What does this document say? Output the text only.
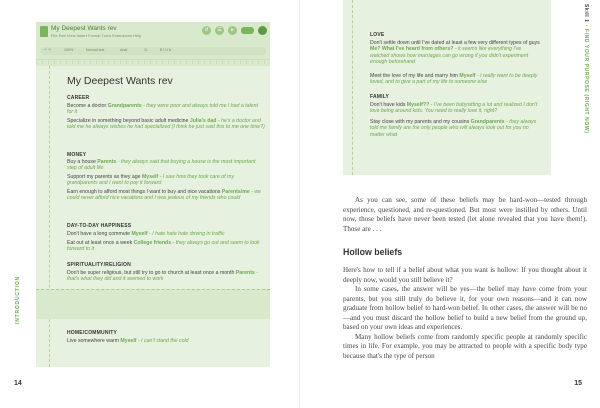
My Deepest Wants rev
File Edit View Insert Format Tools Extensions Help
↺	☰	▸
↶ ↷	100%	Normal text	Arial	11	B I U A
My Deepest Wants rev
CAREER
Become a doctor Grandparents - they were poor and always told me I had a talent for it
Specialize in something beyond basic adult medicine Julia's dad - he's a doctor and told me he always wishes he had specialized (I think he just said this to me one time?)
MONEY
Buy a house Parents - they always said that buying a house is the most important step of adult life
Support my parents as they age Myself - I saw how they took care of my grandparents and I want to pay it forward
Earn enough to afford most things I want to buy and nice vacations Parents/me - we could never afford nice vacations and I was jealous of my friends who could
DAY-TO-DAY HAPPINESS
Don't have a long commute Myself - I hate hate hate driving in traffic
Eat out at least once a week College friends - they always go out and seem to look forward to it
SPIRITUALITY/RELIGION
Don't be super religious, but still try to go to church at least once a month Parents - that's what they did and it seemed to work
HOME/COMMUNITY
Live somewhere warm Myself - I can't stand the cold
INTRODUCTION
14
LOVE
Don't settle down until I've dated at least a few very different types of guys Me? What I've heard from others? - it seems like everything I've watched shows how marriages can go wrong if you didn't experiment enough beforehand
Meet the love of my life and marry him Myself - I really want to be deeply loved, and to give a part of my life to someone else
FAMILY
Don't have kids Myself?? - I've been babysitting a lot and realized I don't love being around kids. You need to really love it, right?
Stay close with my parents and my cousins Grandparents - they always told me family are the only people who will always look out for you no matter what

As you can see, some of these beliefs may be hard-won—tested through experience, questioned, and re-questioned. But most were instilled by others. Until now, those beliefs have never been tested (let alone revealed that you have them!). Those are . . .

Hollow beliefs

Here's how to tell if a belief about what you want is hollow: If you thought about it deeply now, would you still believe it?

In some cases, the answer will be yes—the belief may have come from your parents, but you still truly do believe it, for your own reasons—and it can now graduate from hollow belief to hard-won belief. In other cases, the answer will be no—and you must discard the hollow belief to build a new belief from the ground up, based on your own ideas and experiences.

Many hollow beliefs come from randomly specific people at randomly specific times in life. For example, you may be attracted to people with a specific body type because that's the type of person

Skill 1 · FIND YOUR PURPOSE (RIGHT NOW)
15
